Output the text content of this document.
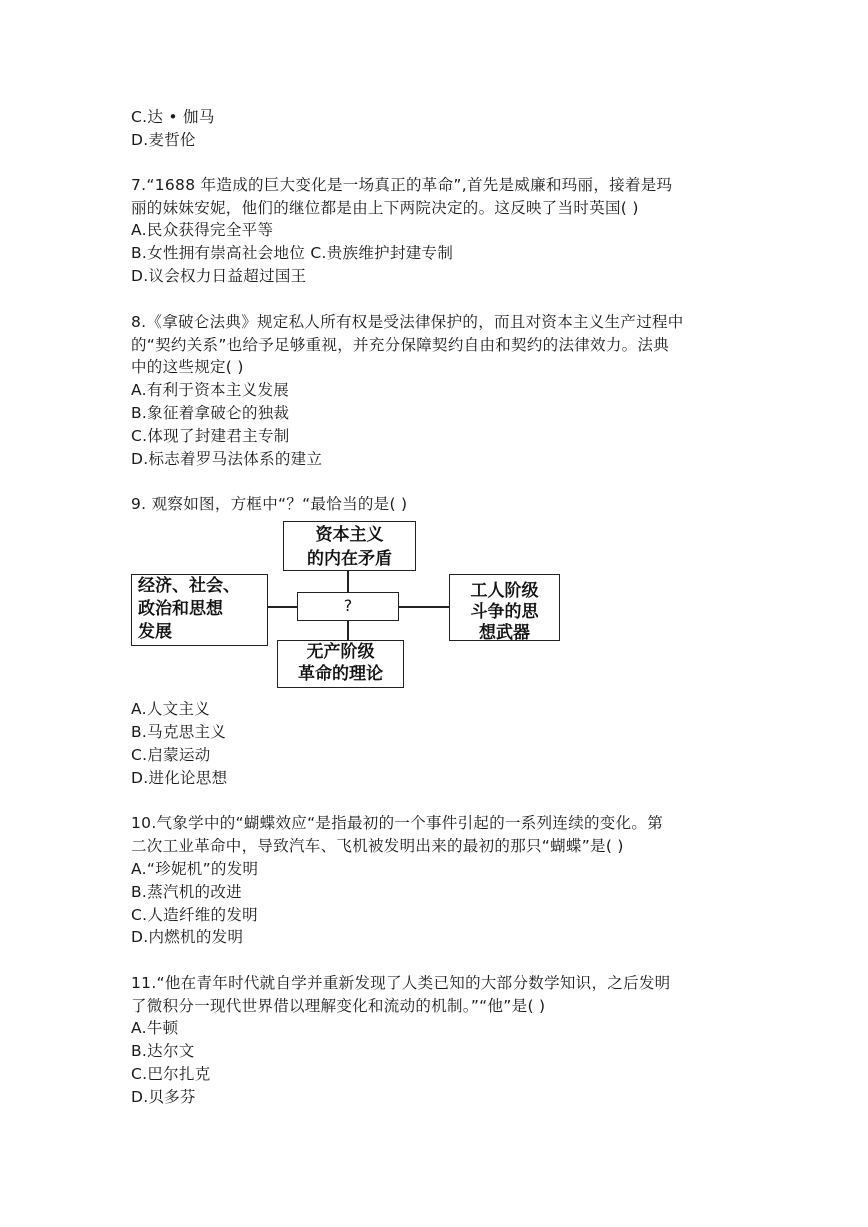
C.达 • 伽马
D.麦哲伦
7.“1688 年造成的巨大变化是一场真正的革命”,首先是威廉和玛丽，接着是玛
丽的妹妹安妮，他们的继位都是由上下两院决定的。这反映了当时英国( )
A.民众获得完全平等
B.女性拥有崇高社会地位 C.贵族维护封建专制
D.议会权力日益超过国王
8.《拿破仑法典》规定私人所有权是受法律保护的，而且对资本主义生产过程中
的“契约关系”也给予足够重视，并充分保障契约自由和契约的法律效力。法典
中的这些规定( )
A.有利于资本主义发展
B.象征着拿破仑的独裁
C.体现了封建君主专制
D.标志着罗马法体系的建立
9. 观察如图，方框中“？“最恰当的是( )
A.人文主义
B.马克思主义
C.启蒙运动
D.进化论思想
10.气象学中的“蝴蝶效应“是指最初的一个事件引起的一系列连续的变化。第
二次工业革命中，导致汽车、飞机被发明出来的最初的那只“蝴蝶”是( )
A.“珍妮机”的发明
B.蒸汽机的改进
C.人造纤维的发明
D.内燃机的发明
11.“他在青年时代就自学并重新发现了人类已知的大部分数学知识，之后发明
了微积分一现代世界借以理解变化和流动的机制。”“他”是( )
A.牛顿
B.达尔文
C.巴尔扎克
D.贝多芬
资本主义
的内在矛盾
经济、社会、
政治和思想
发展
?
工人阶级
斗争的思
想武器
无产阶级
革命的理论
